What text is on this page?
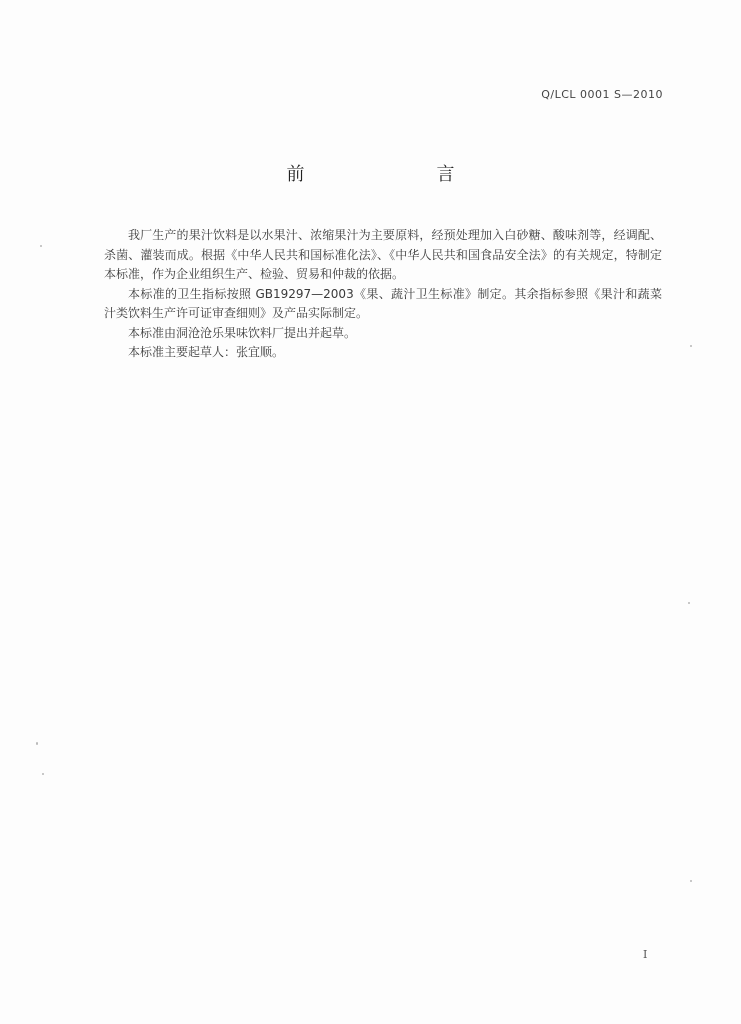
Q/LCL 0001 S—2010
前　　言

我厂生产的果汁饮料是以水果汁、浓缩果汁为主要原料，经预处理加入白砂糖、酸味剂等，经调配、杀菌、灌装而成。根据《中华人民共和国标准化法》、《中华人民共和国食品安全法》的有关规定，特制定本标准，作为企业组织生产、检验、贸易和仲裁的依据。

本标准的卫生指标按照 GB19297—2003《果、蔬汁卫生标准》制定。其余指标参照《果汁和蔬菜汁类饮料生产许可证审查细则》及产品实际制定。

本标准由洞沧沧乐果味饮料厂提出并起草。

本标准主要起草人：张宜顺。

I
